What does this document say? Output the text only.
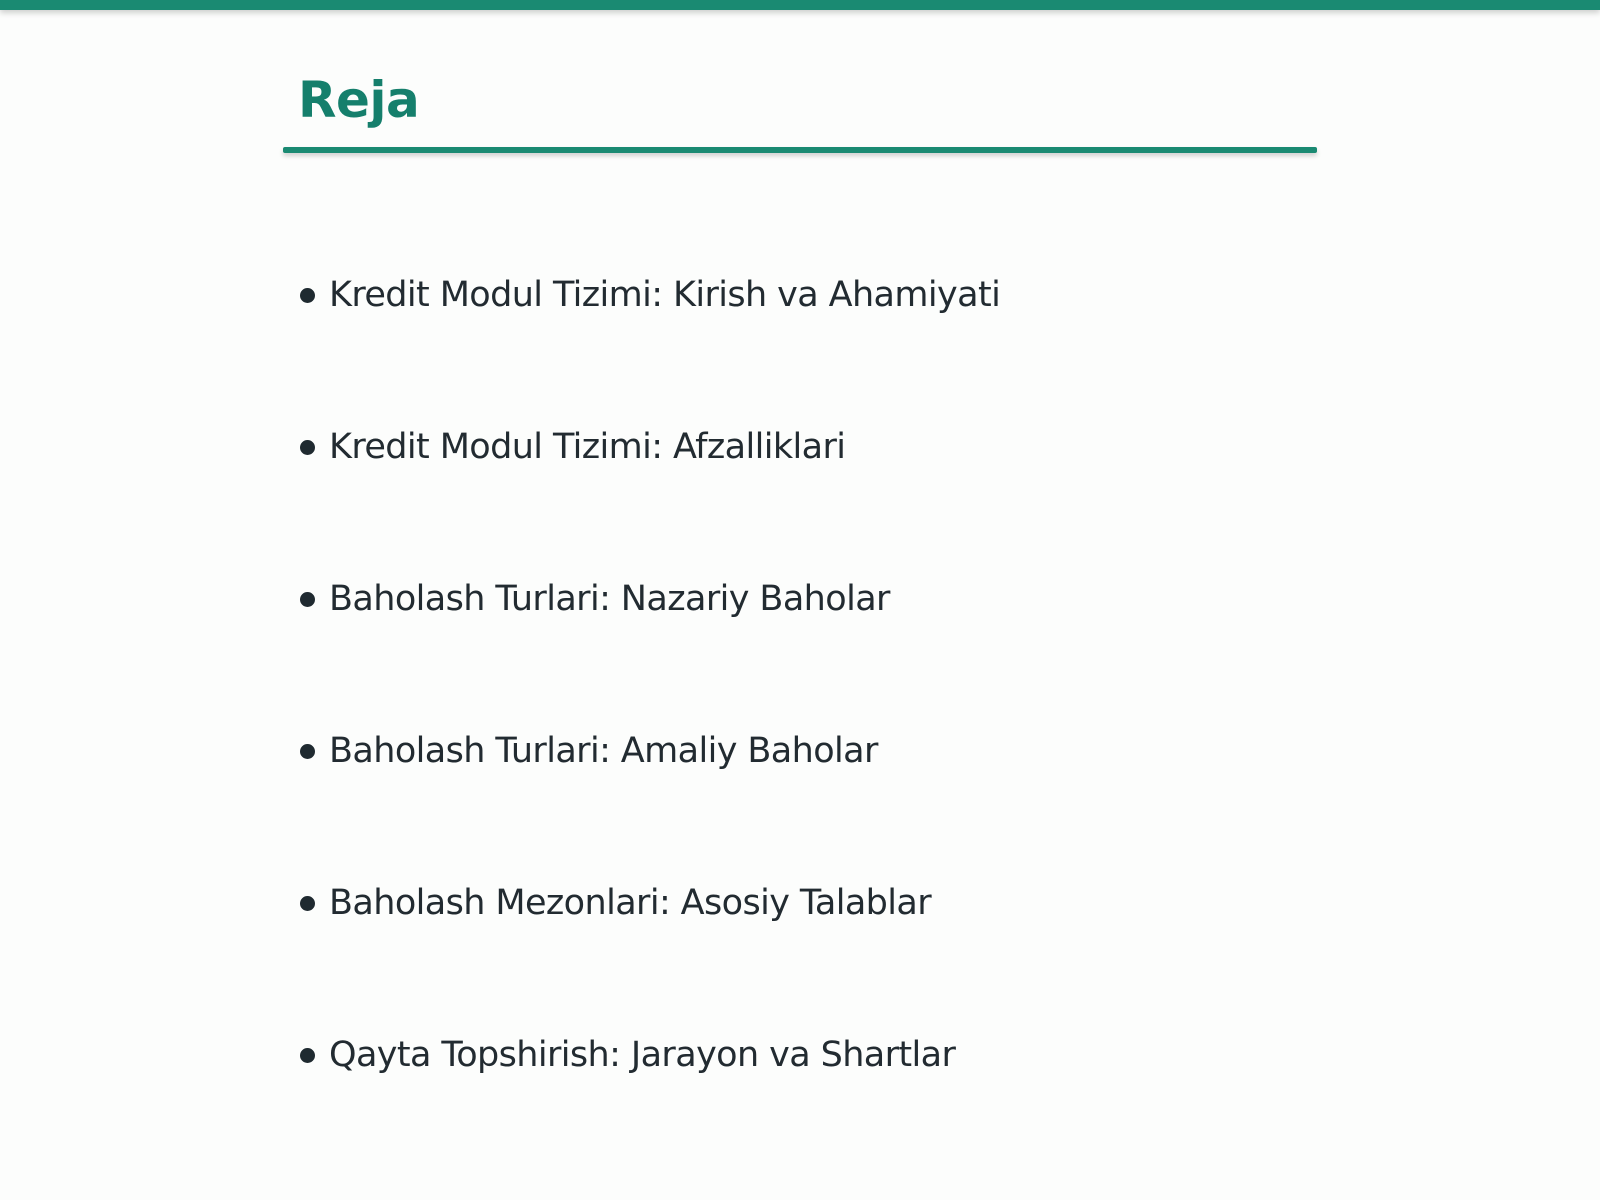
Reja
Kredit Modul Tizimi: Kirish va Ahamiyati
Kredit Modul Tizimi: Afzalliklari
Baholash Turlari: Nazariy Baholar
Baholash Turlari: Amaliy Baholar
Baholash Mezonlari: Asosiy Talablar
Qayta Topshirish: Jarayon va Shartlar
